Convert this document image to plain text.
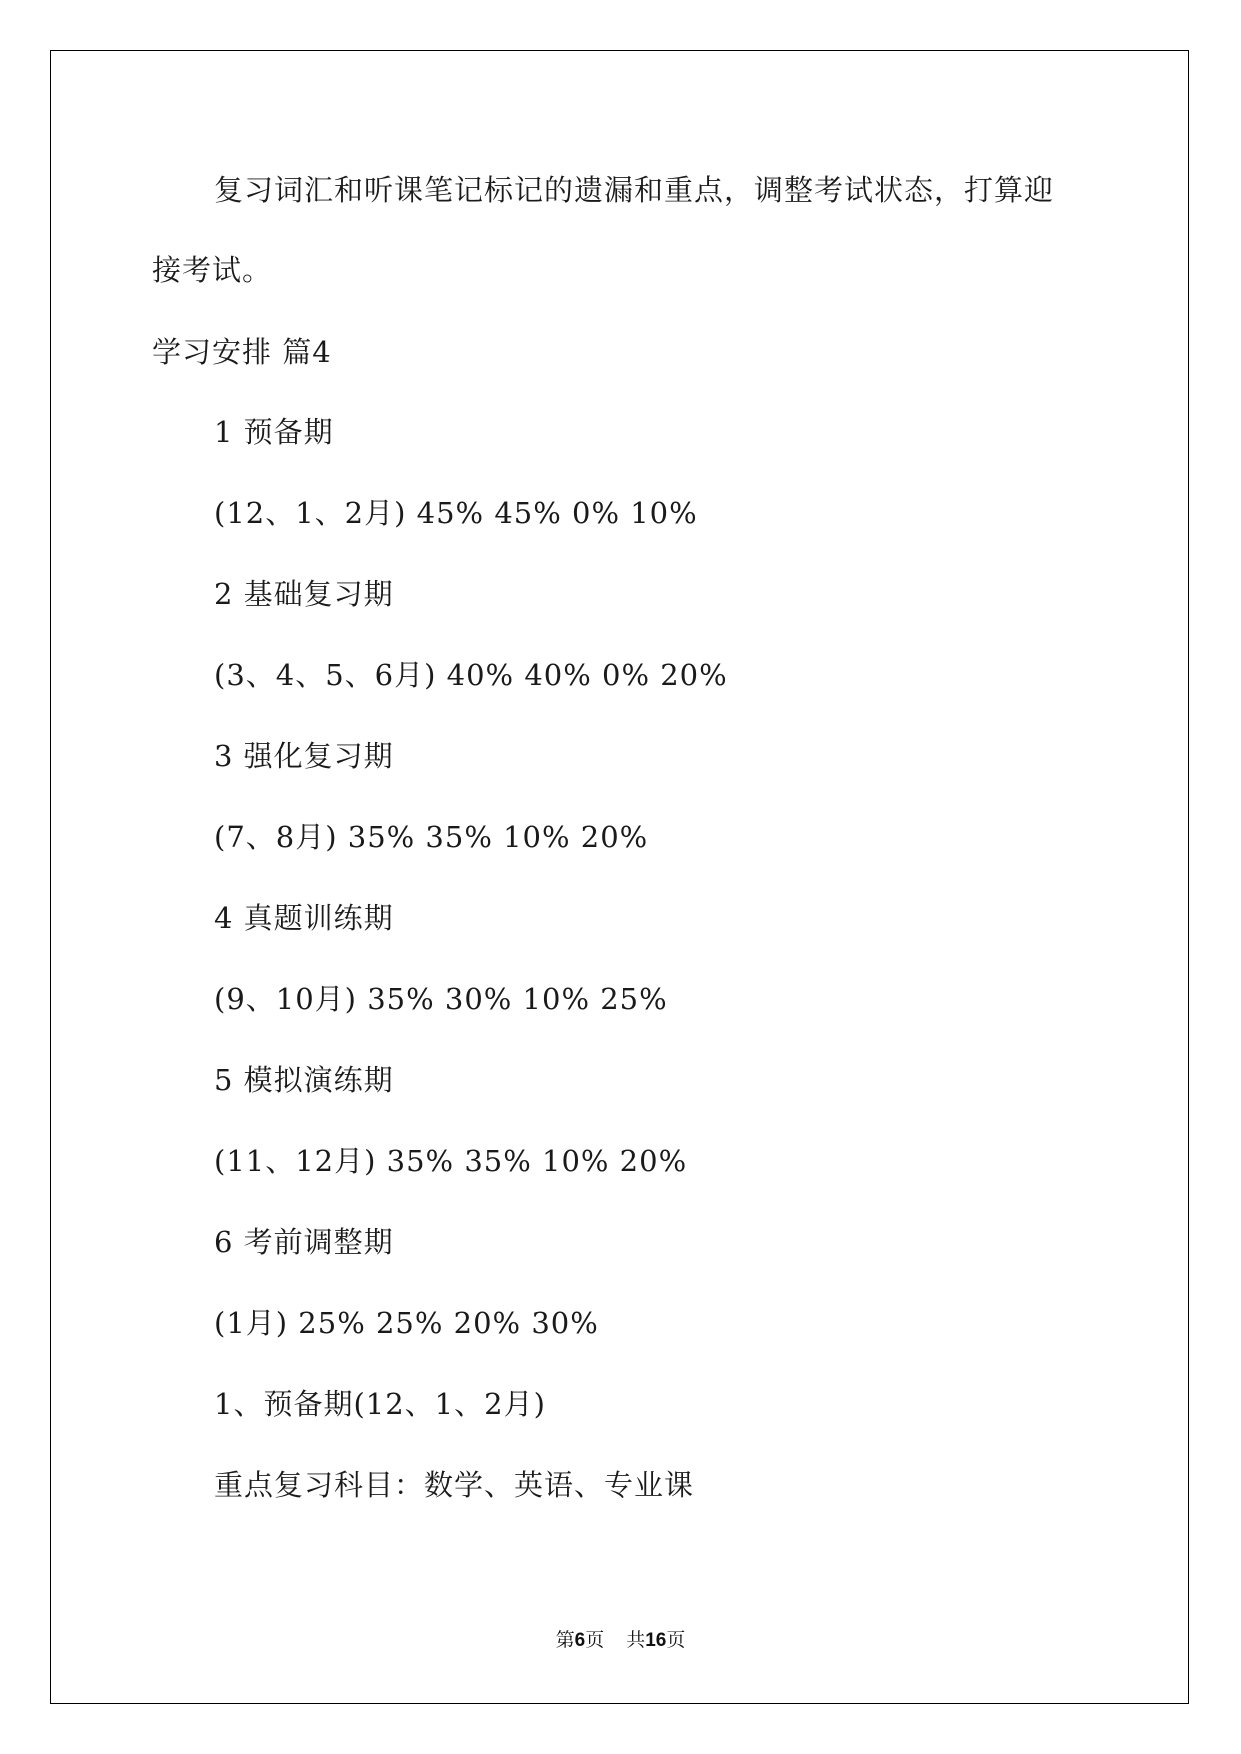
复习词汇和听课笔记标记的遗漏和重点，调整考试状态，打算迎
接考试。
学习安排 篇4
1 预备期
(12、1、2月) 45% 45% 0% 10%
2 基础复习期
(3、4、5、6月) 40% 40% 0% 20%
3 强化复习期
(7、8月) 35% 35% 10% 20%
4 真题训练期
(9、10月) 35% 30% 10% 25%
5 模拟演练期
(11、12月) 35% 35% 10% 20%
6 考前调整期
(1月) 25% 25% 20% 30%
1、预备期(12、1、2月)
重点复习科目：数学、英语、专业课
第6页 共16页
